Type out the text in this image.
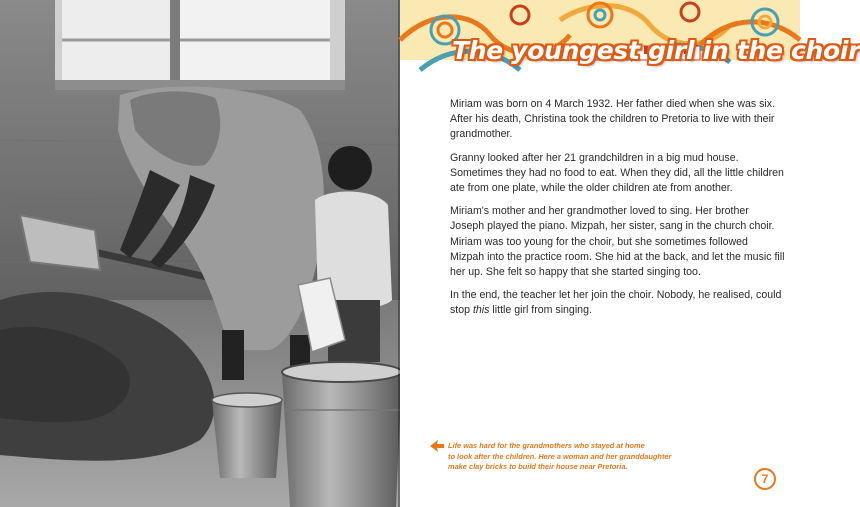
The youngest girl in the choir

Miriam was born on 4 March 1932. Her father died when she was six. After his death, Christina took the children to Pretoria to live with their grandmother.

Granny looked after her 21 grandchildren in a big mud house. Sometimes they had no food to eat. When they did, all the little children ate from one plate, while the older children ate from another.

Miriam's mother and her grandmother loved to sing. Her brother Joseph played the piano. Mizpah, her sister, sang in the church choir. Miriam was too young for the choir, but she sometimes followed Mizpah into the practice room. She hid at the back, and let the music fill her up. She felt so happy that she started singing too.

In the end, the teacher let her join the choir. Nobody, he realised, could stop this little girl from singing.

Life was hard for the grandmothers who stayed at home
to look after the children. Here a woman and her granddaughter
make clay bricks to build their house near Pretoria.
7
